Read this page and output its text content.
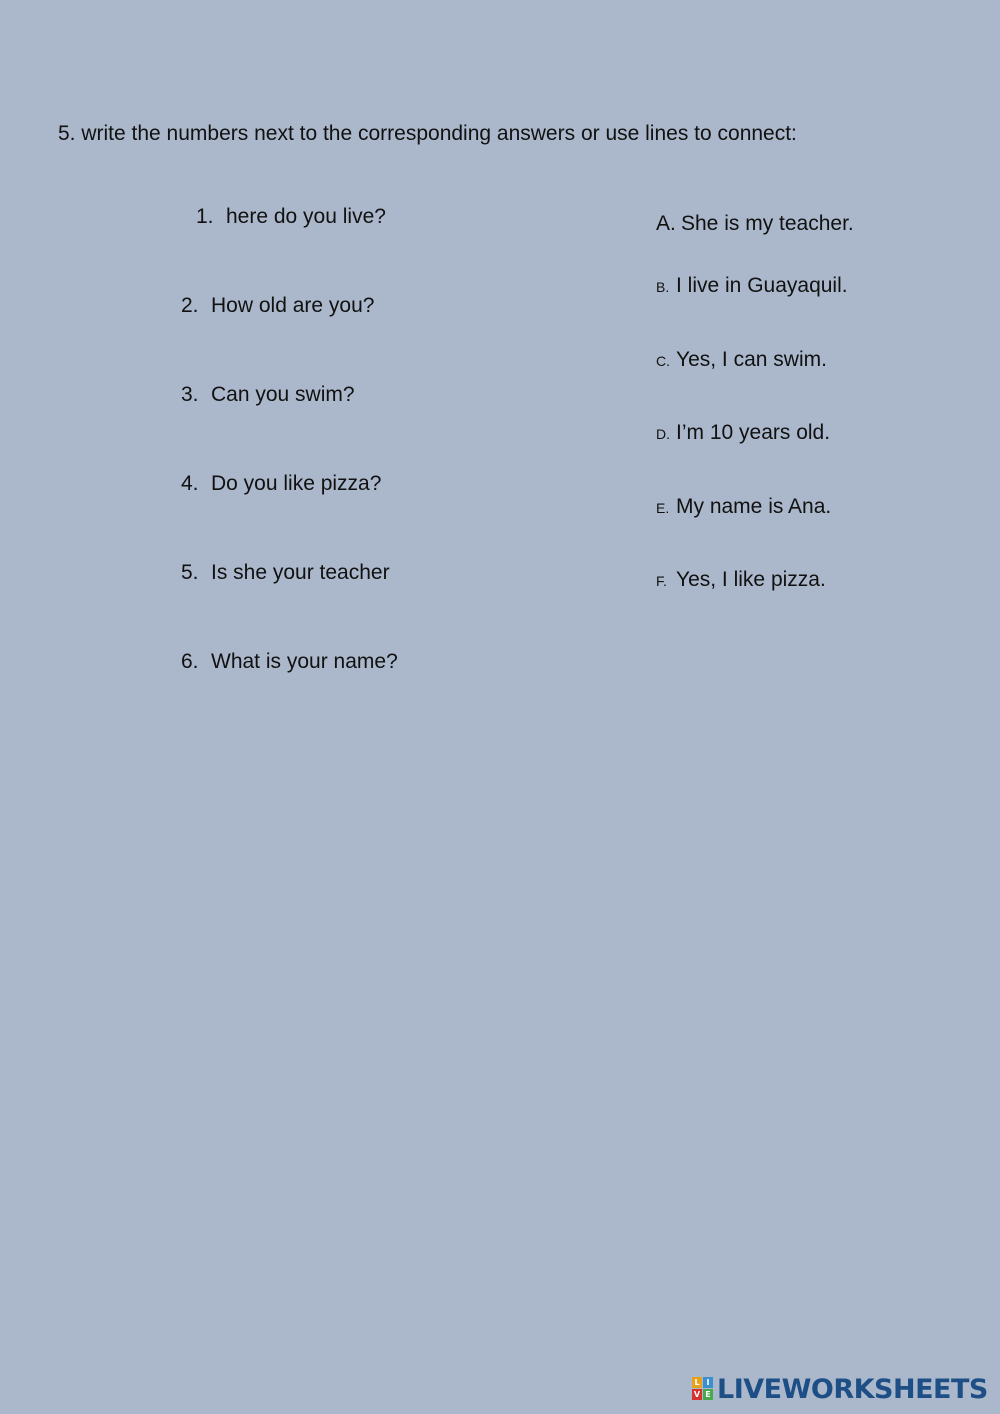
5. write the numbers next to the corresponding answers or use lines to connect:
1. here do you live?
2. How old are you?
3. Can you swim?
4. Do you like pizza?
5. Is she your teacher
6. What is your name?
A. She is my teacher.
B. I live in Guayaquil.
C. Yes, I can swim.
D. I’m 10 years old.
E. My name is Ana.
F. Yes, I like pizza.
L I
V E LIVEWORKSHEETS
